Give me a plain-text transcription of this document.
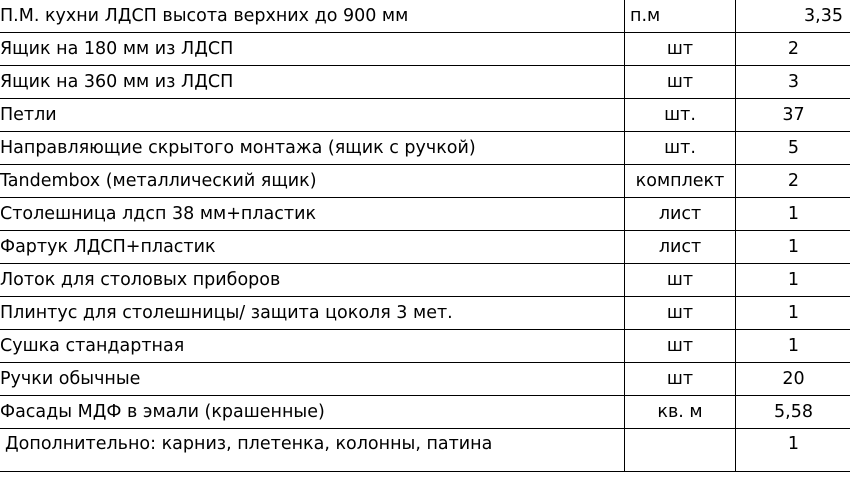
П.М. кухни ЛДСП высота верхних до 900 мм	п.м	3,35
Ящик на 180 мм из ЛДСП	шт	2
Ящик на 360 мм из ЛДСП	шт	3
Петли	шт.	37
Направляющие скрытого монтажа (ящик с ручкой)	шт.	5
Tandembox (металлический ящик)	комплект	2
Столешница лдсп 38 мм+пластик	лист	1
Фартук ЛДСП+пластик	лист	1
Лоток для столовых приборов	шт	1
Плинтус для столешницы/ защита цоколя 3 мет.	шт	1
Сушка стандартная	шт	1
Ручки обычные	шт	20
Фасады МДФ в эмали (крашенные)	кв. м	5,58
Дополнительно: карниз, плетенка, колонны, патина		1
